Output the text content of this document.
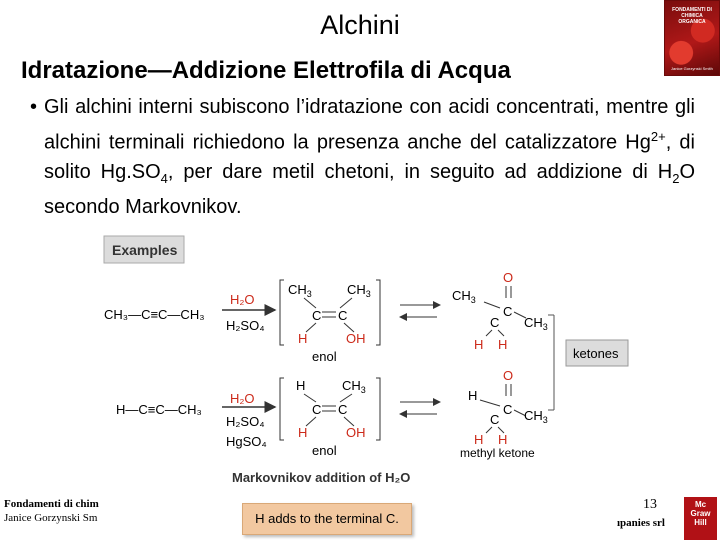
Alchini	FONDAMENTI DI CHIMICA ORGANICA
Janice Gorzynski Smith
Idratazione—Addizione Elettrofila di Acqua
• Gli alchini interni subiscono l’idratazione con acidi concentrati, mentre gli alchini terminali richiedono la presenza anche del catalizzatore $Hg^{2+}$, di solito $Hg.SO_4$, per dare metil chetoni, in seguito ad addizione di $H_2O$ secondo Markovnikov.
Examples
CH₃—C≡C—CH₃
H₂O
H₂SO₄
$CH_3$	$CH_3$
C C
H	OH
enol
O
$CH_3$
C
C $CH_3$
H H
ketones
H—C≡C—CH₃
H₂O
H₂SO₄
HgSO₄
H	$CH_3$
C C
H	OH
enol
O
H
C
C $CH_3$
H H
methyl ketone
Markovnikov addition of H₂O
Fondamenti di chim
Janice Gorzynski Sm	H adds to the terminal C.
13
ıpanies srl
Mc Graw Hill
